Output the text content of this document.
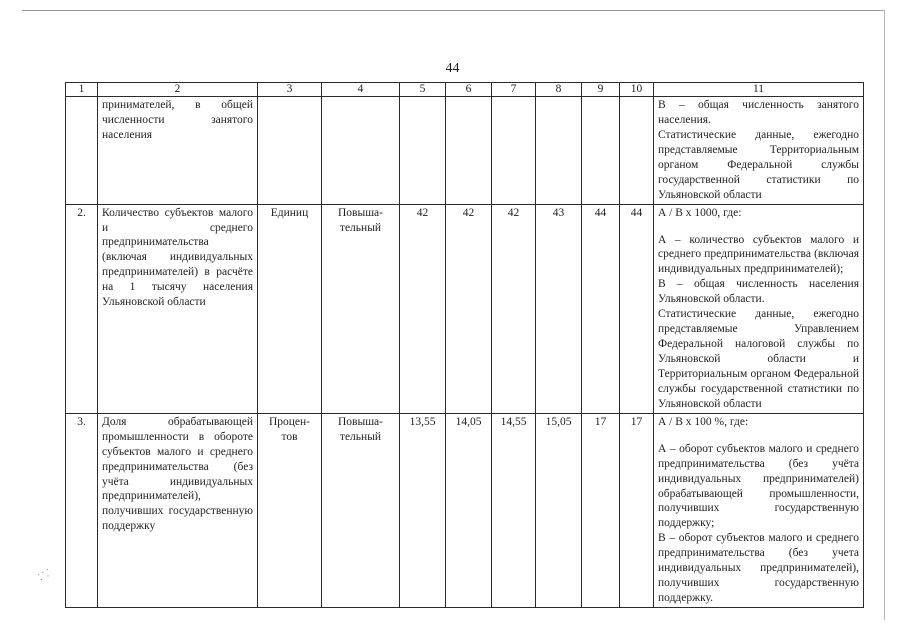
44
1	2	3	4	5	6	7	8	9	10	11
	принимателей, в общей численности занятого населения									В – общая численность занятого населения.

Статистические данные, ежегодно представляемые Территориальным органом Федеральной службы государственной статистики по Ульяновской области

2.	Количество субъектов малого и среднего предпринимательства (включая индивидуальных предпринимателей) в расчёте на 1 тысячу населения Ульяновской области	Единиц	Повыша-тельный	42	42	42	43	44	44	А / В х 1000, где:

А – количество субъектов малого и среднего предпринимательства (включая индивидуальных предпринимателей);

В – общая численность населения Ульяновской области.

Статистические данные, ежегодно представляемые Управлением Федеральной налоговой службы по Ульяновской области и Территориальным органом Федеральной службы государственной статистики по Ульяновской области

3.	Доля обрабатывающей промышленности в обороте субъектов малого и среднего предпринимательства (без учёта индивидуальных предпринимателей), получивших государственную поддержку	Процен-тов	Повыша-тельный	13,55	14,05	14,55	15,05	17	17	А / В х 100 %, где:

А – оборот субъектов малого и среднего предпринимательства (без учёта индивидуальных предпринимателей) обрабатывающей промышленности, получивших государственную поддержку;

В – оборот субъектов малого и среднего предпринимательства (без учета индивидуальных предпринимателей), получивших государственную поддержку.

⁚ ⸪
